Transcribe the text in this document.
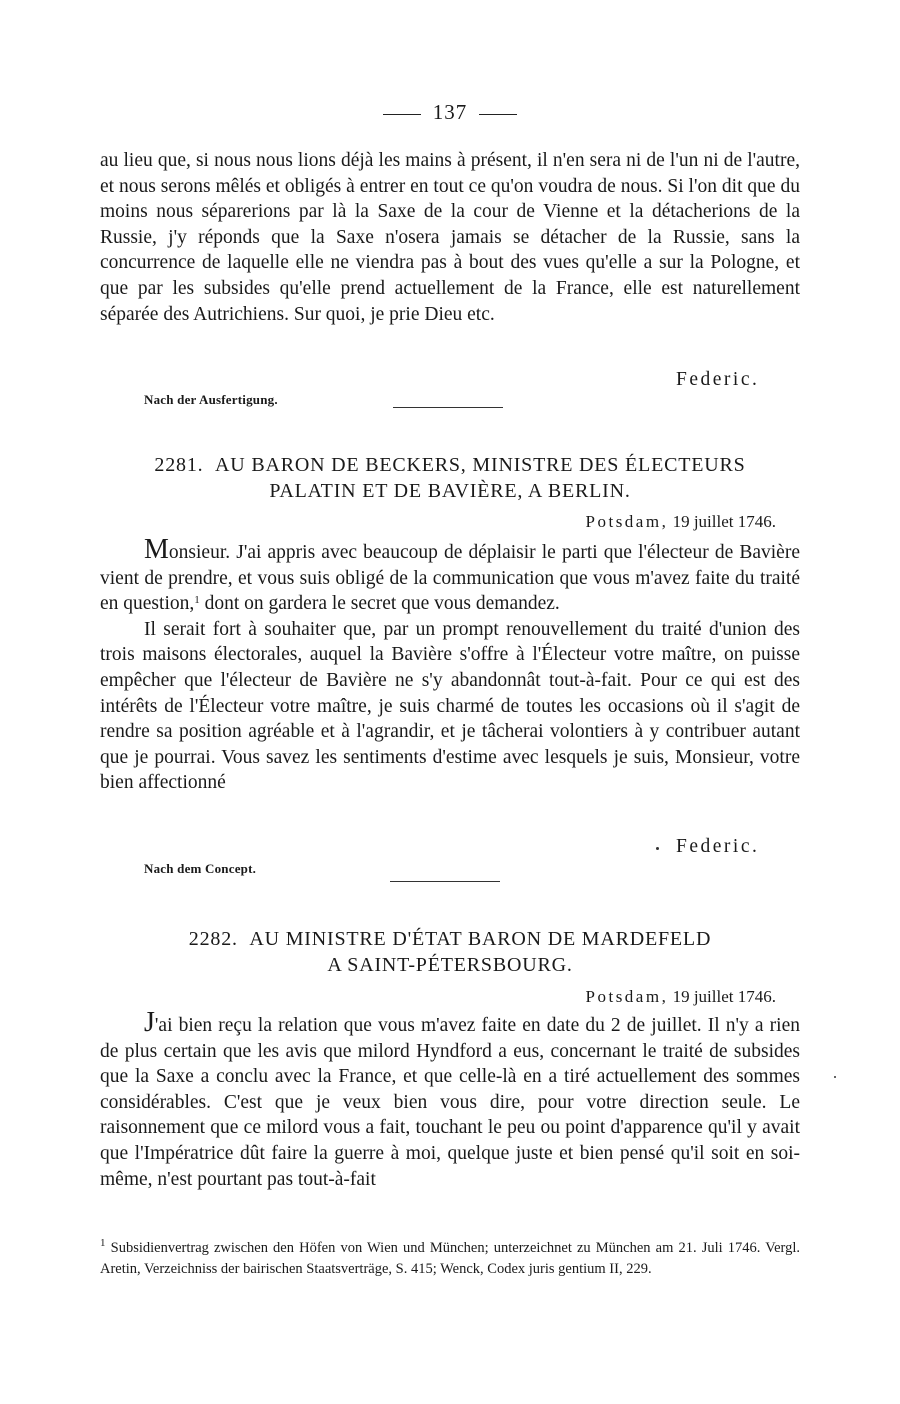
137

au lieu que, si nous nous lions déjà les mains à présent, il n'en sera ni de l'un ni de l'autre, et nous serons mêlés et obligés à entrer en tout ce qu'on voudra de nous. Si l'on dit que du moins nous séparerions par là la Saxe de la cour de Vienne et la détacherions de la Russie, j'y réponds que la Saxe n'osera jamais se détacher de la Russie, sans la concurrence de laquelle elle ne viendra pas à bout des vues qu'elle a sur la Pologne, et que par les subsides qu'elle prend actuellement de la France, elle est naturellement séparée des Autrichiens. Sur quoi, je prie Dieu etc.

Federic.
Nach der Ausfertigung.
2281. AU BARON DE BECKERS, MINISTRE DES ÉLECTEURS
PALATIN ET DE BAVIÈRE, A BERLIN.
Potsdam, 19 juillet 1746.

Monsieur. J'ai appris avec beaucoup de déplaisir le parti que l'électeur de Bavière vient de prendre, et vous suis obligé de la communication que vous m'avez faite du traité en question,$^1$ dont on gardera le secret que vous demandez.

Il serait fort à souhaiter que, par un prompt renouvellement du traité d'union des trois maisons électorales, auquel la Bavière s'offre à l'Électeur votre maître, on puisse empêcher que l'électeur de Bavière ne s'y abandonnât tout-à-fait. Pour ce qui est des intérêts de l'Électeur votre maître, je suis charmé de toutes les occasions où il s'agit de rendre sa position agréable et à l'agrandir, et je tâcherai volontiers à y contribuer autant que je pourrai. Vous savez les sentiments d'estime avec lesquels je suis, Monsieur, votre bien affectionné

Federic.
Nach dem Concept.
2282. AU MINISTRE D'ÉTAT BARON DE MARDEFELD
A SAINT-PÉTERSBOURG.
Potsdam, 19 juillet 1746.

J'ai bien reçu la relation que vous m'avez faite en date du 2 de juillet. Il n'y a rien de plus certain que les avis que milord Hyndford a eus, concernant le traité de subsides que la Saxe a conclu avec la France, et que celle-là en a tiré actuellement des sommes considérables. C'est que je veux bien vous dire, pour votre direction seule. Le raisonnement que ce milord vous a fait, touchant le peu ou point d'apparence qu'il y avait que l'Impératrice dût faire la guerre à moi, quelque juste et bien pensé qu'il soit en soi-même, n'est pourtant pas tout-à-fait

$^1$ Subsidienvertrag zwischen den Höfen von Wien und München; unterzeichnet zu München am 21. Juli 1746. Vergl. Aretin, Verzeichniss der bairischen Staatsverträge, S. 415; Wenck, Codex juris gentium II, 229.
